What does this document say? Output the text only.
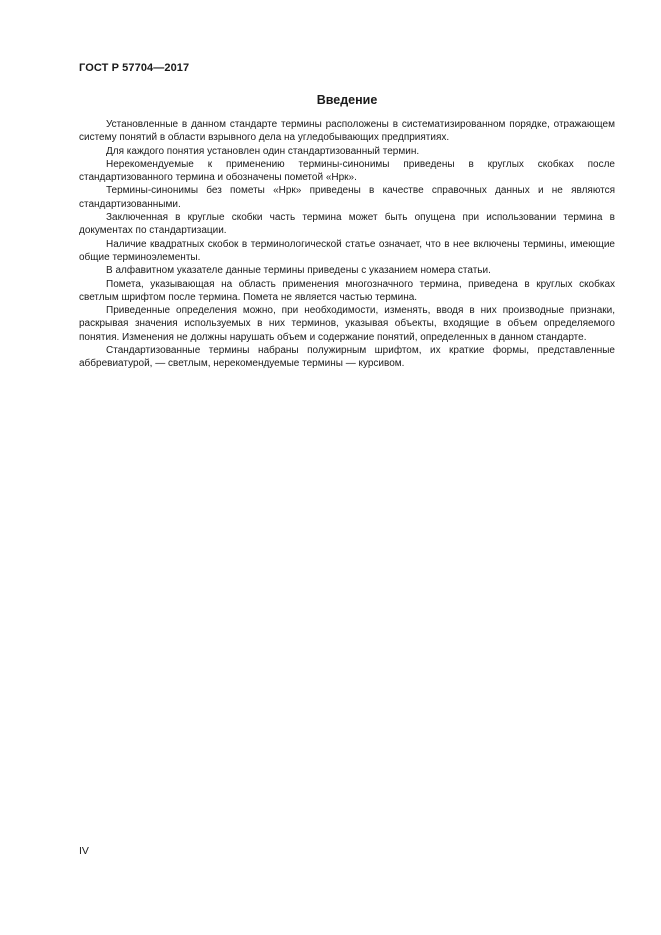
ГОСТ Р 57704—2017
Введение

Установленные в данном стандарте термины расположены в систематизированном порядке, отражающем систему понятий в области взрывного дела на угледобывающих предприятиях.

Для каждого понятия установлен один стандартизованный термин.

Нерекомендуемые к применению термины-синонимы приведены в круглых скобках после стандартизованного термина и обозначены пометой «Нрк».

Термины-синонимы без пометы «Нрк» приведены в качестве справочных данных и не являются стандартизованными.

Заключенная в круглые скобки часть термина может быть опущена при использовании термина в документах по стандартизации.

Наличие квадратных скобок в терминологической статье означает, что в нее включены термины, имеющие общие терминоэлементы.

В алфавитном указателе данные термины приведены с указанием номера статьи.

Помета, указывающая на область применения многозначного термина, приведена в круглых скобках светлым шрифтом после термина. Помета не является частью термина.

Приведенные определения можно, при необходимости, изменять, вводя в них производные признаки, раскрывая значения используемых в них терминов, указывая объекты, входящие в объем определяемого понятия. Изменения не должны нарушать объем и содержание понятий, определенных в данном стандарте.

Стандартизованные термины набраны полужирным шрифтом, их краткие формы, представленные аббревиатурой, — светлым, нерекомендуемые термины — курсивом.

IV
